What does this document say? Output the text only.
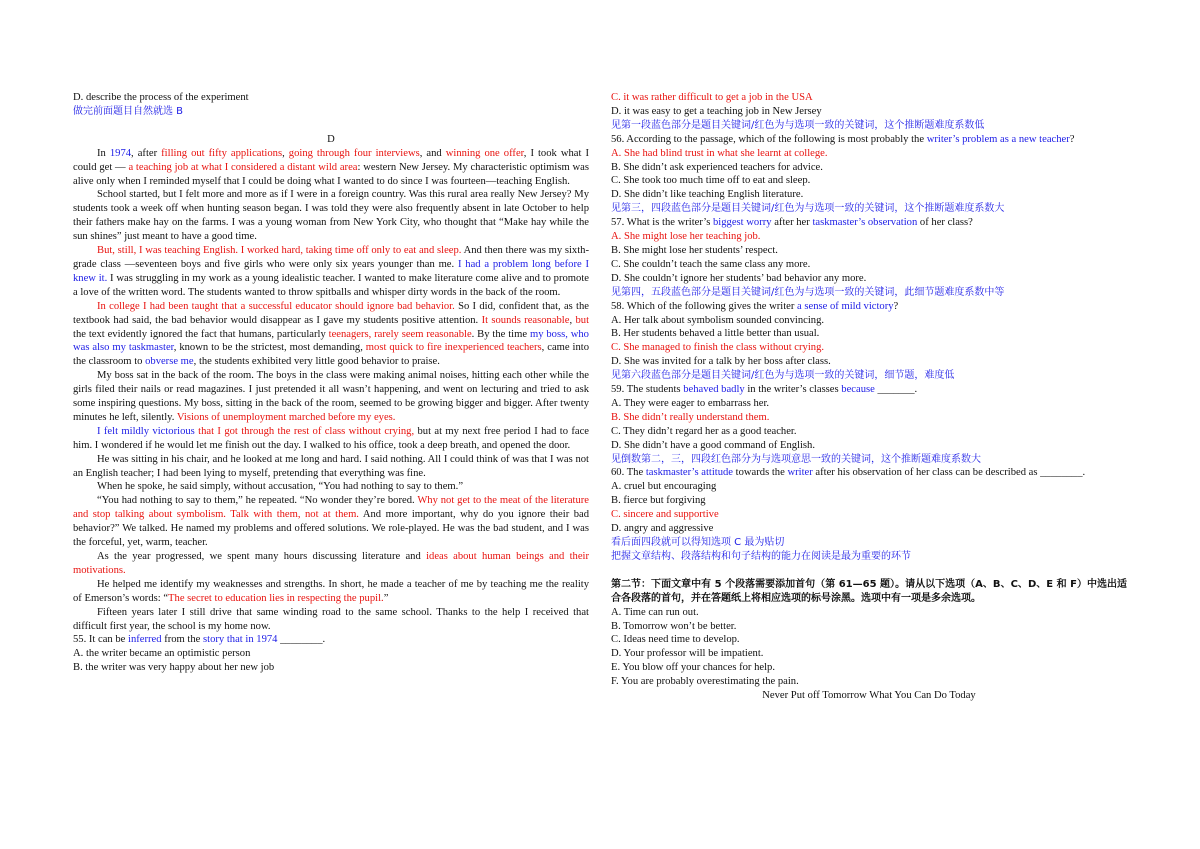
D. describe the process of the experiment

做完前面题目自然就选 B

D

In 1974, after filling out fifty applications, going through four interviews, and winning one offer, I took what I could get — a teaching job at what I considered a distant wild area: western New Jersey. My characteristic optimism was alive only when I reminded myself that I could be doing what I wanted to do since I was fourteen—teaching English.

School started, but I felt more and more as if I were in a foreign country. Was this rural area really New Jersey? My students took a week off when hunting season began. I was told they were also frequently absent in late October to help their fathers make hay on the farms. I was a young woman from New York City, who thought that “Make hay while the sun shines” just meant to have a good time.

But, still, I was teaching English. I worked hard, taking time off only to eat and sleep. And then there was my sixth-grade class —seventeen boys and five girls who were only six years younger than me. I had a problem long before I knew it. I was struggling in my work as a young idealistic teacher. I wanted to make literature come alive and to promote a love of the written word. The students wanted to throw spitballs and whisper dirty words in the back of the room.

In college I had been taught that a successful educator should ignore bad behavior. So I did, confident that, as the textbook had said, the bad behavior would disappear as I gave my students positive attention. It sounds reasonable, but the text evidently ignored the fact that humans, particularly teenagers, rarely seem reasonable. By the time my boss, who was also my taskmaster, known to be the strictest, most demanding, most quick to fire inexperienced teachers, came into the classroom to obverse me, the students exhibited very little good behavior to praise.

My boss sat in the back of the room. The boys in the class were making animal noises, hitting each other while the girls filed their nails or read magazines. I just pretended it all wasn’t happening, and went on lecturing and tried to ask some inspiring questions. My boss, sitting in the back of the room, seemed to be growing bigger and bigger. After twenty minutes he left, silently. Visions of unemployment marched before my eyes.

I felt mildly victorious that I got through the rest of class without crying, but at my next free period I had to face him. I wondered if he would let me finish out the day. I walked to his office, took a deep breath, and opened the door.

He was sitting in his chair, and he looked at me long and hard. I said nothing. All I could think of was that I was not an English teacher; I had been lying to myself, pretending that everything was fine.

When he spoke, he said simply, without accusation, “You had nothing to say to them.”

“You had nothing to say to them,” he repeated. “No wonder they’re bored. Why not get to the meat of the literature and stop talking about symbolism. Talk with them, not at them. And more important, why do you ignore their bad behavior?” We talked. He named my problems and offered solutions. We role-played. He was the bad student, and I was the forceful, yet, warm, teacher.

As the year progressed, we spent many hours discussing literature and ideas about human beings and their motivations.

He helped me identify my weaknesses and strengths. In short, he made a teacher of me by teaching me the reality of Emerson’s words: “The secret to education lies in respecting the pupil.”

Fifteen years later I still drive that same winding road to the same school. Thanks to the help I received that difficult first year, the school is my home now.

55. It can be inferred from the story that in 1974 ________.

A. the writer became an optimistic person

B. the writer was very happy about her new job

C. it was rather difficult to get a job in the USA

D. it was easy to get a teaching job in New Jersey

见第一段蓝色部分是题目关键词/红色为与选项一致的关键词，这个推断题难度系数低

56. According to the passage, which of the following is most probably the writer’s problem as a new teacher?

A. She had blind trust in what she learnt at college.

B. She didn’t ask experienced teachers for advice.

C. She took too much time off to eat and sleep.

D. She didn’t like teaching English literature.

见第三，四段蓝色部分是题目关键词/红色为与选项一致的关键词，这个推断题难度系数大

57. What is the writer’s biggest worry after her taskmaster’s observation of her class?

A. She might lose her teaching job.

B. She might lose her students’ respect.

C. She couldn’t teach the same class any more.

D. She couldn’t ignore her students’ bad behavior any more.

见第四，五段蓝色部分是题目关键词/红色为与选项一致的关键词，此细节题难度系数中等

58. Which of the following gives the writer a sense of mild victory?

A. Her talk about symbolism sounded convincing.

B. Her students behaved a little better than usual.

C. She managed to finish the class without crying.

D. She was invited for a talk by her boss after class.

见第六段蓝色部分是题目关键词/红色为与选项一致的关键词，细节题，难度低

59. The students behaved badly in the writer’s classes because _______.

A. They were eager to embarrass her.

B. She didn’t really understand them.

C. They didn’t regard her as a good teacher.

D. She didn’t have a good command of English.

见倒数第二，三，四段红色部分为与选项意思一致的关键词，这个推断题难度系数大

60. The taskmaster’s attitude towards the writer after his observation of her class can be described as ________.

A. cruel but encouraging

B. fierce but forgiving

C. sincere and supportive

D. angry and aggressive

看后面四段就可以得知选项 C 最为贴切

把握文章结构、段落结构和句子结构的能力在阅读是最为重要的环节

第二节：下面文章中有 5 个段落需要添加首句（第 61—65 题）。请从以下选项（A、B、C、D、E 和 F）中选出适合各段落的首句，并在答题纸上将相应选项的标号涂黑。选项中有一项是多余选项。

A. Time can run out.

B. Tomorrow won’t be better.

C. Ideas need time to develop.

D. Your professor will be impatient.

E. You blow off your chances for help.

F. You are probably overestimating the pain.

Never Put off Tomorrow What You Can Do Today
